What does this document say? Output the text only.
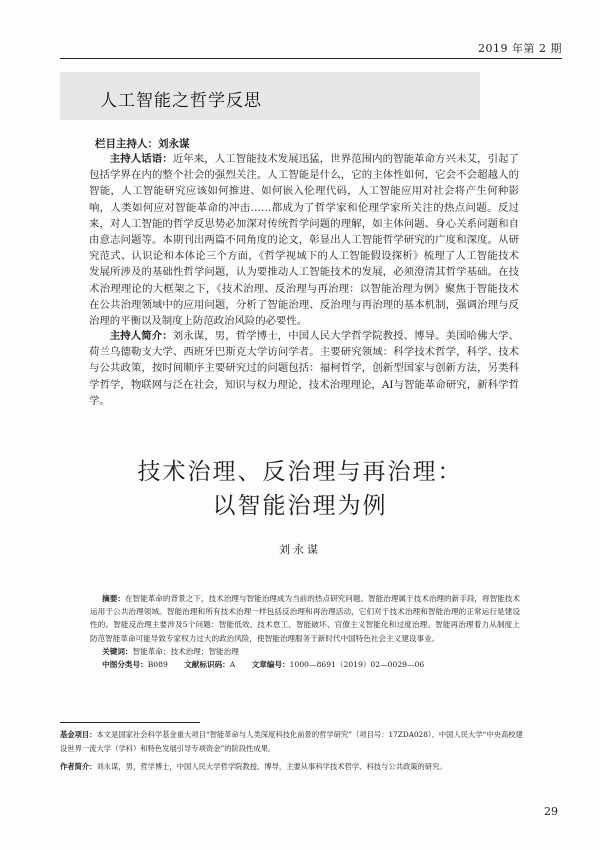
2019 年第 2 期
人工智能之哲学反思
栏目主持人：刘永谋
主持人话语：近年来，人工智能技术发展迅猛，世界范围内的智能革命方兴未艾，引起了包括学界在内的整个社会的强烈关注。人工智能是什么，它的主体性如何，它会不会超越人的智能，人工智能研究应该如何推进、如何嵌入伦理代码，人工智能应用对社会将产生何种影响，人类如何应对智能革命的冲击……都成为了哲学家和伦理学家所关注的热点问题。反过来，对人工智能的哲学反思势必加深对传统哲学问题的理解，如主体问题、身心关系问题和自由意志问题等。本期刊出两篇不同角度的论文，彰显出人工智能哲学研究的广度和深度。从研究范式、认识论和本体论三个方面，《哲学视域下的人工智能假设探析》梳理了人工智能技术发展所涉及的基础性哲学问题，认为要推动人工智能技术的发展，必须澄清其哲学基础。在技术治理理论的大框架之下，《技术治理、反治理与再治理：以智能治理为例》聚焦于智能技术在公共治理领域中的应用问题，分析了智能治理、反治理与再治理的基本机制，强调治理与反治理的平衡以及制度上防范政治风险的必要性。
主持人简介：刘永谋，男，哲学博士，中国人民大学哲学院教授、博导。美国哈佛大学、荷兰乌德勒支大学、西班牙巴斯克大学访问学者。主要研究领域：科学技术哲学，科学、技术与公共政策，按时间顺序主要研究过的问题包括：福柯哲学，创新型国家与创新方法，另类科学哲学，物联网与泛在社会，知识与权力理论，技术治理理论，AI与智能革命研究，新科学哲学。
技术治理、反治理与再治理：
以智能治理为例
刘永谋
摘要：在智能革命的背景之下，技术治理与智能治理成为当前的热点研究问题。智能治理属于技术治理的新手段，将智能技术运用于公共治理领域。智能治理和所有技术治理一样包括反治理和再治理活动，它们对于技术治理和智能治理的正常运行是建设性的。智能反治理主要涉及5个问题：智能低效、技术怠工、智能破坏、官僚主义智能化和过度治理。智能再治理着力从制度上防范智能革命可能导致专家权力过大的政治风险，使智能治理服务于新时代中国特色社会主义建设事业。
关键词：智能革命；技术治理；智能治理
中图分类号：B089 文献标识码：A 文章编号：1000—8691（2019）02—0029—06
基金项目：本文是国家社会科学基金重大项目“智能革命与人类深度科技化前景的哲学研究”（项目号：17ZDA028）、中国人民大学“中央高校建设世界一流大学（学科）和特色发展引导专项资金”的阶段性成果。
作者简介：刘永谋，男，哲学博士，中国人民大学哲学院教授、博导，主要从事科学技术哲学、科技与公共政策的研究。
29
